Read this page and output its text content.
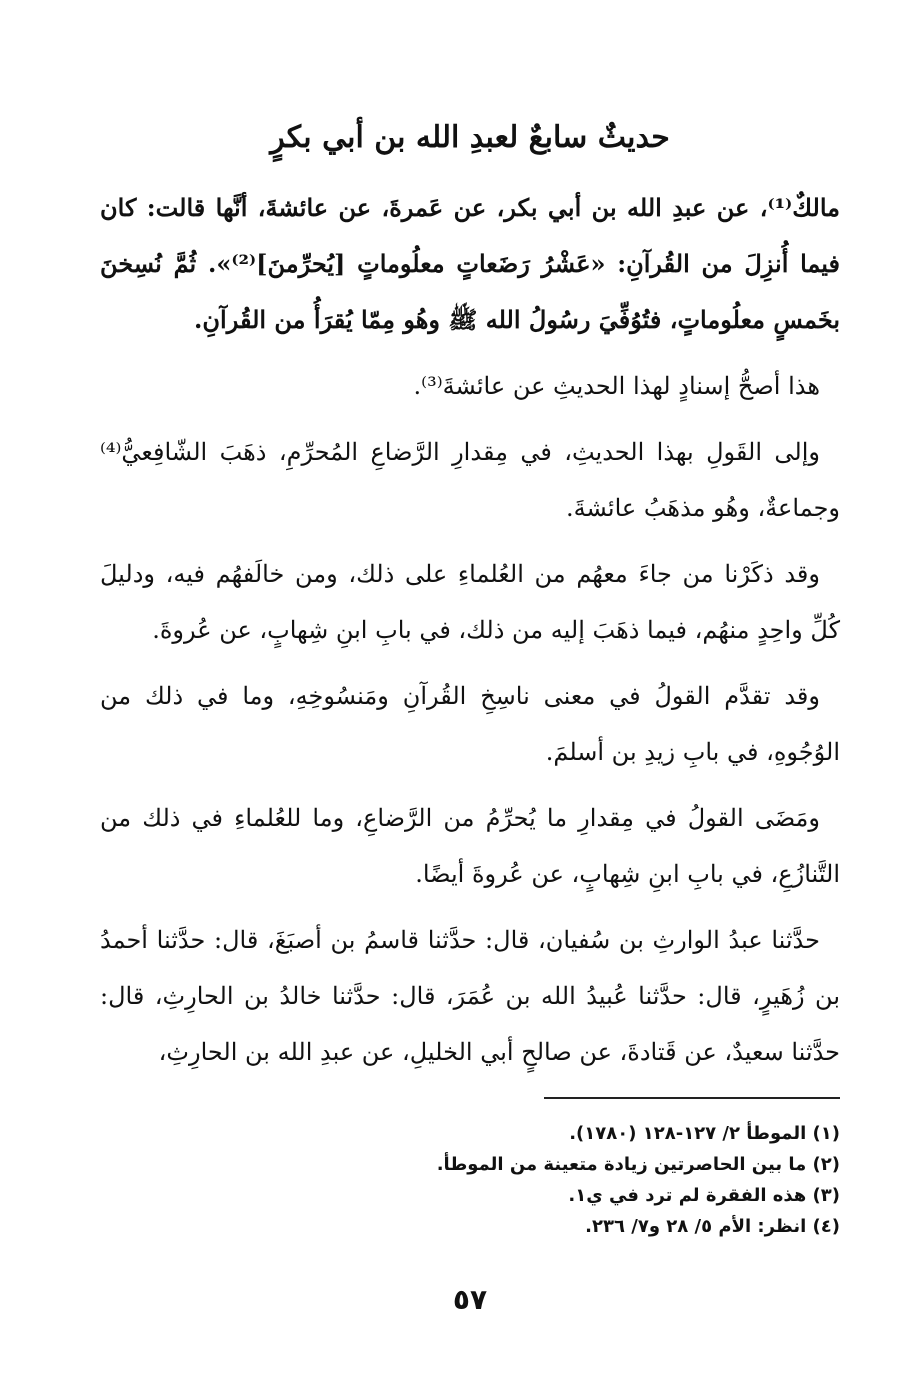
حديثٌ سابعٌ لعبدِ الله بن أبي بكرٍ

مالكٌ⁽¹⁾، عن عبدِ الله بن أبي بكر، عن عَمرةَ، عن عائشةَ، أنَّها قالت: كان فيما أُنزِلَ من القُرآنِ: «عَشْرُ رَضَعاتٍ معلُوماتٍ [يُحرِّمنَ]⁽²⁾». ثُمَّ نُسِخنَ بخَمسٍ معلُوماتٍ، فتُوُفِّيَ رسُولُ الله ﷺ وهُو مِمّا يُقرَأُ من القُرآنِ.

هذا أصحُّ إسنادٍ لهذا الحديثِ عن عائشةَ⁽³⁾.

وإلى القَولِ بهذا الحديثِ، في مِقدارِ الرَّضاعِ المُحرِّمِ، ذهَبَ الشّافِعيُّ⁽⁴⁾ وجماعةٌ، وهُو مذهَبُ عائشةَ.

وقد ذكَرْنا من جاءَ معهُم من العُلماءِ على ذلك، ومن خالَفهُم فيه، ودليلَ كُلِّ واحِدٍ منهُم، فيما ذهَبَ إليه من ذلك، في بابِ ابنِ شِهابٍ، عن عُروةَ.

وقد تقدَّم القولُ في معنى ناسِخِ القُرآنِ ومَنسُوخِهِ، وما في ذلك من الوُجُوهِ، في بابِ زيدِ بن أسلمَ.

ومَضَى القولُ في مِقدارِ ما يُحرِّمُ من الرَّضاعِ، وما للعُلماءِ في ذلك من التَّنازُعِ، في بابِ ابنِ شِهابٍ، عن عُروةَ أيضًا.

حدَّثنا عبدُ الوارثِ بن سُفيان، قال: حدَّثنا قاسمُ بن أصبَغَ، قال: حدَّثنا أحمدُ بن زُهَيرٍ، قال: حدَّثنا عُبيدُ الله بن عُمَرَ، قال: حدَّثنا خالدُ بن الحارِثِ، قال: حدَّثنا سعيدٌ، عن قَتادةَ، عن صالحٍ أبي الخليلِ، عن عبدِ الله بن الحارِثِ،

(١) الموطأ ٢/ ١٢٧-١٢٨ (١٧٨٠).
(٢) ما بين الحاصرتين زيادة متعينة من الموطأ.
(٣) هذه الفقرة لم ترد في ي١.
(٤) انظر: الأم ٥/ ٢٨ و٧/ ٢٣٦.
٥٧
